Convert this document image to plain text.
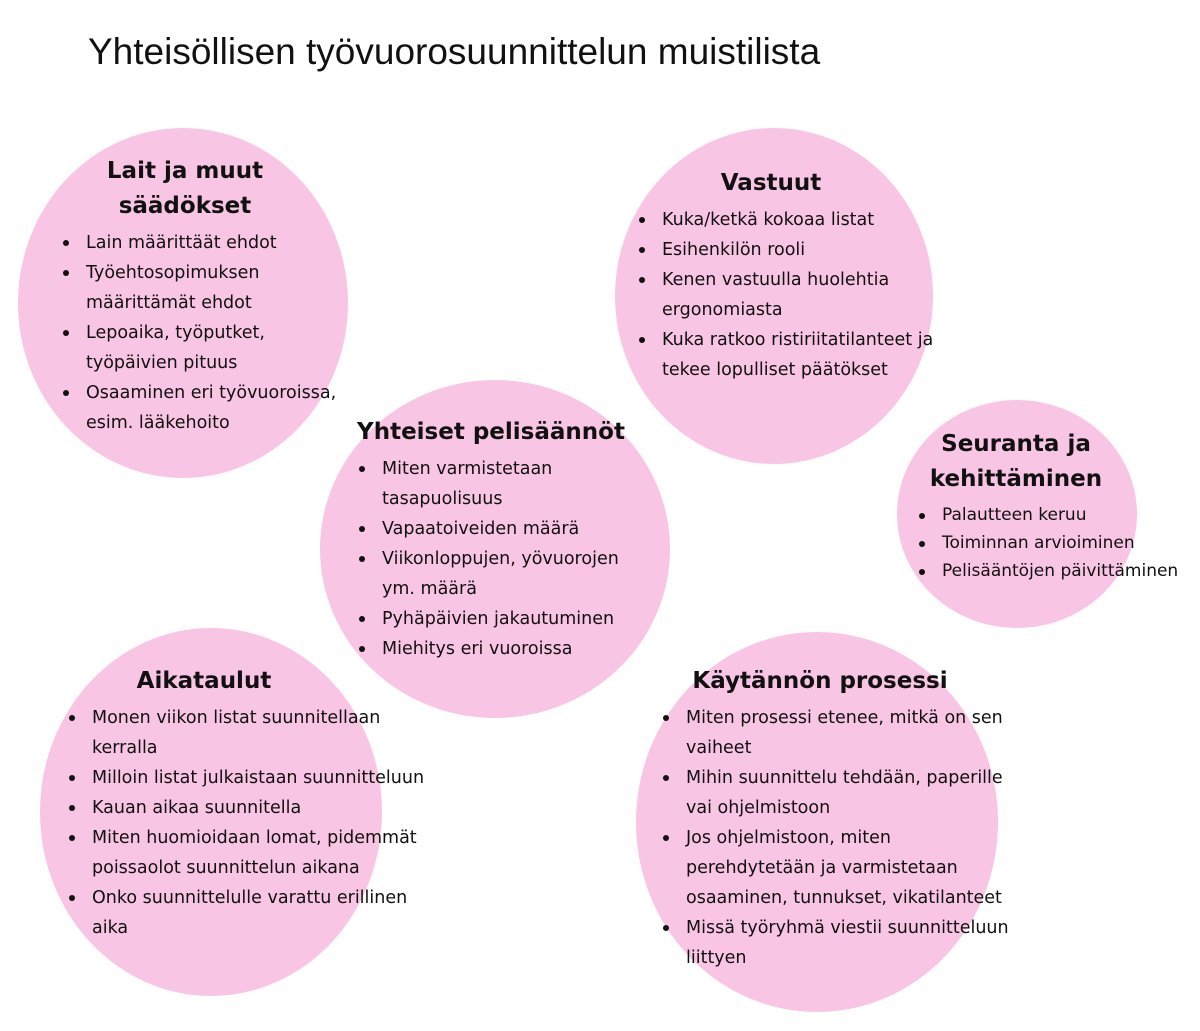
Yhteisöllisen työvuorosuunnittelun muistilista
Lait ja muut säädökset
Lain määrittäät ehdot
Työehtosopimuksen määrittämät ehdot
Lepoaika, työputket, työpäivien pituus
Osaaminen eri työvuoroissa, esim. lääkehoito
Vastuut
Kuka/ketkä kokoaa listat
Esihenkilön rooli
Kenen vastuulla huolehtia ergonomiasta
Kuka ratkoo ristiriitatilanteet ja tekee lopulliset päätökset
Yhteiset pelisäännöt
Miten varmistetaan tasapuolisuus
Vapaatoiveiden määrä
Viikonloppujen, yövuorojen ym. määrä
Pyhäpäivien jakautuminen
Miehitys eri vuoroissa
Seuranta ja kehittäminen
Palautteen keruu
Toiminnan arvioiminen
Pelisääntöjen päivittäminen
Aikataulut
Monen viikon listat suunnitellaan kerralla
Milloin listat julkaistaan suunnitteluun
Kauan aikaa suunnitella
Miten huomioidaan lomat, pidemmät poissaolot suunnittelun aikana
Onko suunnittelulle varattu erillinen aika
Käytännön prosessi
Miten prosessi etenee, mitkä on sen vaiheet
Mihin suunnittelu tehdään, paperille vai ohjelmistoon
Jos ohjelmistoon, miten perehdytetään ja varmistetaan osaaminen, tunnukset, vikatilanteet
Missä työryhmä viestii suunnitteluun liittyen
